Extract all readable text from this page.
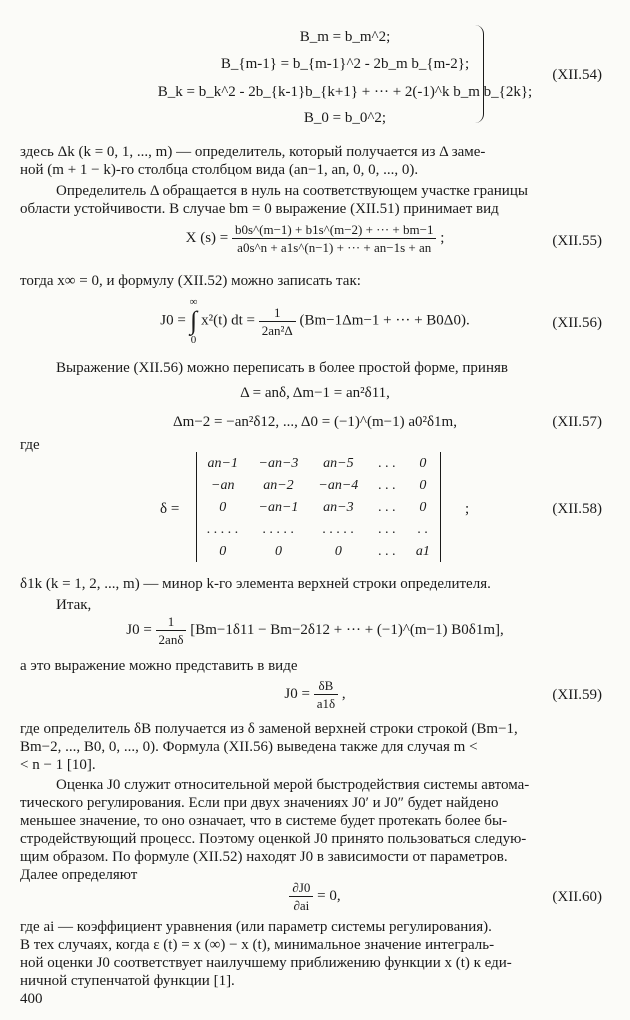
B_m = b_m^2;
B_{m-1} = b_{m-1}^2 - 2b_m b_{m-2};
B_k = b_k^2 - 2b_{k-1}b_{k+1} + ··· + 2(-1)^k b_m b_{2k};
B_0 = b_0^2;
(XII.54)
здесь Δk (k = 0, 1, ..., m) — определитель, который получается из Δ заме-
ной (m + 1 − k)-го столбца столбцом вида (an−1, an, 0, 0, ..., 0).
Определитель Δ обращается в нуль на соответствующем участке границы
области устойчивости. В случае bm = 0 выражение (XII.51) принимает вид
X $(s) = \frac{b0s\^{}(m-1) + b1s\^{}(m-2) + \cdot\cdot\cdot + bm-1}{a0s\^{}n + a1s\^{}(n-1) + \cdot\cdot\cdot + an-1s + an}$ ;	(XII.55)
тогда x∞ = 0, и формулу (XII.52) можно записать так:
J0 =
∞
∫
0
x²(t) dt = $\frac{1}{\text{2an²Δ}} (Bm-1\Delta m-1$ + ··· + B0Δ0).	(XII.56)
Выражение (XII.56) можно переписать в более простой форме, приняв
Δ = anδ, Δm−1 = an²δ11,
Δm−2 = −an²δ12, ..., Δ0 = (−1)^(m−1) a0²δ1m,	(XII.57)
где
δ =
an−1	−an−3	an−5	. . .	0
−an	an−2	−an−4	. . .	0
0	−an−1	an−3	. . .	0
. . . . .	. . . . .	. . . . .	. . .	. .
0	0	0	. . .	a1
;	(XII.58)
δ1k (k = 1, 2, ..., m) — минор k-го элемента верхней строки определителя.
Итак,
$J0 = \frac{1}{\text{2anδ}} [Bm-1\delta 11 - Bm-2\delta 12$ + ··· + (−1)^(m−1) B0δ1m],
а это выражение можно представить в виде
$J0 = \frac{\delta B}{a1\delta}$ ,	(XII.59)
где определитель δB получается из δ заменой верхней строки строкой (Bm−1,
Bm−2, ..., B0, 0, ..., 0). Формула (XII.56) выведена также для случая m <
< n − 1 [10].
Оценка J0 служит относительной мерой быстродействия системы автома-
тического регулирования. Если при двух значениях J0′ и J0″ будет найдено
меньшее значение, то оно означает, что в системе будет протекать более бы-
стродействующий процесс. Поэтому оценкой J0 принято пользоваться следую-
щим образом. По формуле (XII.52) находят J0 в зависимости от параметров.
Далее определяют
$\frac{\partial J0}{\partial ai} = 0$,	(XII.60)
где ai — коэффициент уравнения (или параметр системы регулирования).
В тех случаях, когда ε (t) = x (∞) − x (t), минимальное значение интеграль-
ной оценки J0 соответствует наилучшему приближению функции x (t) к еди-
ничной ступенчатой функции [1].
400
